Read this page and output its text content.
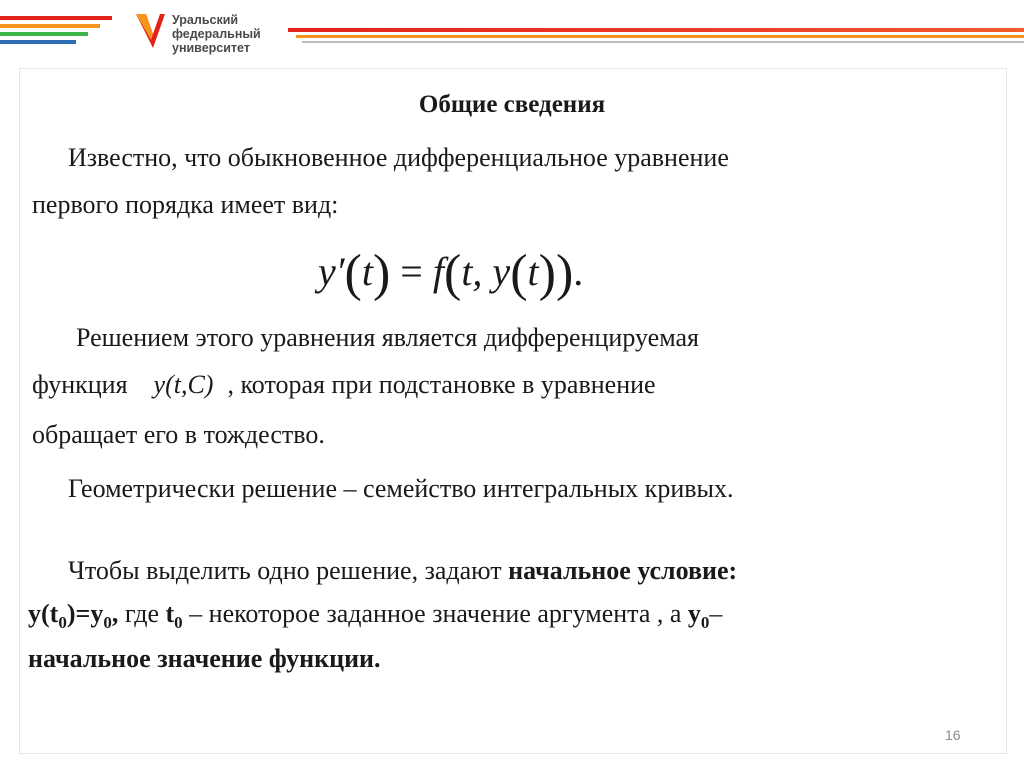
Уральский
федеральный
университет
Общие сведения
Известно, что обыкновенное дифференциальное уравнение
первого порядка имеет вид:
y′(t) = f(t, y(t)).
Решением этого уравнения является дифференцируемая
функция y(t,C) , которая при подстановке в уравнение
обращает его в тождество.
Геометрически решение – семейство интегральных кривых.
Чтобы выделить одно решение, задают начальное условие:
$y(t_0)=y_0$, где $t_0$ – некоторое заданное значение аргумента , а $y_0-$
начальное значение функции.
16
